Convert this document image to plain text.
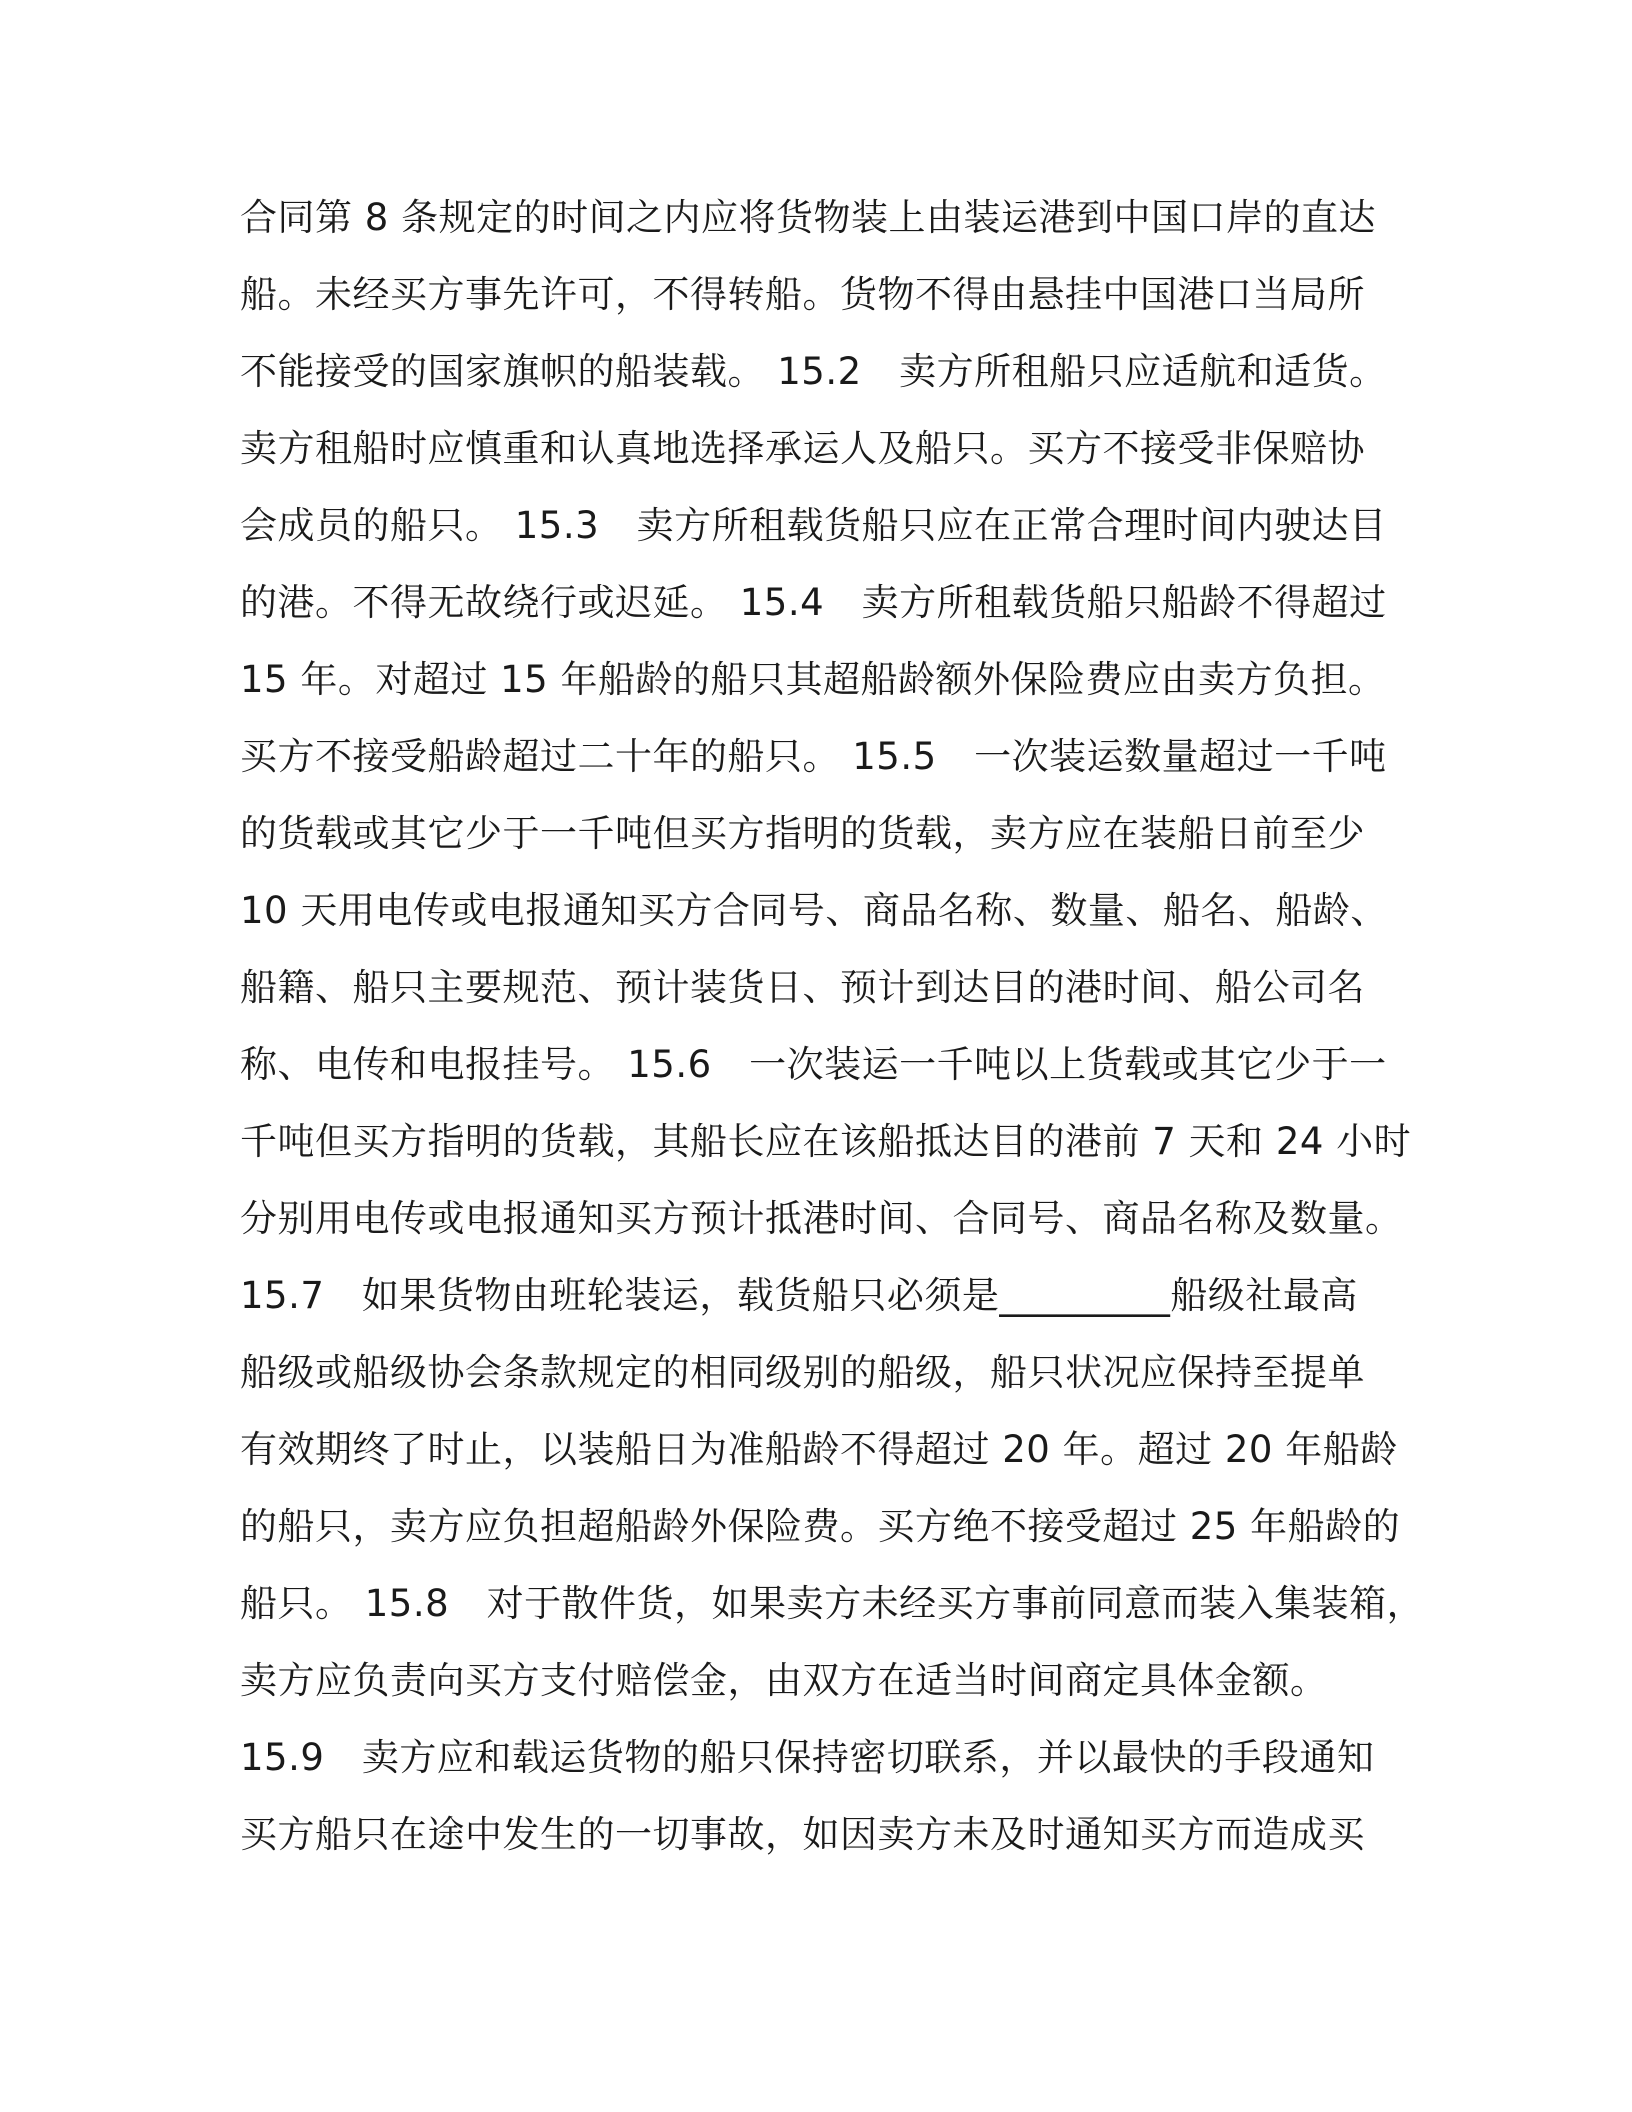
合同第 8 条规定的时间之内应将货物装上由装运港到中国口岸的直达
船。未经买方事先许可，不得转船。货物不得由悬挂中国港口当局所
不能接受的国家旗帜的船装载。 15.2　卖方所租船只应适航和适货。
卖方租船时应慎重和认真地选择承运人及船只。买方不接受非保赔协
会成员的船只。 15.3　卖方所租载货船只应在正常合理时间内驶达目
的港。不得无故绕行或迟延。 15.4　卖方所租载货船只船龄不得超过
15 年。对超过 15 年船龄的船只其超船龄额外保险费应由卖方负担。
买方不接受船龄超过二十年的船只。 15.5　一次装运数量超过一千吨
的货载或其它少于一千吨但买方指明的货载，卖方应在装船日前至少
10 天用电传或电报通知买方合同号、商品名称、数量、船名、船龄、
船籍、船只主要规范、预计装货日、预计到达目的港时间、船公司名
称、电传和电报挂号。 15.6　一次装运一千吨以上货载或其它少于一
千吨但买方指明的货载，其船长应在该船抵达目的港前 7 天和 24 小时
分别用电传或电报通知买方预计抵港时间、合同号、商品名称及数量。
15.7　如果货物由班轮装运，载货船只必须是_________船级社最高
船级或船级协会条款规定的相同级别的船级，船只状况应保持至提单
有效期终了时止，以装船日为准船龄不得超过 20 年。超过 20 年船龄
的船只，卖方应负担超船龄外保险费。买方绝不接受超过 25 年船龄的
船只。 15.8　对于散件货，如果卖方未经买方事前同意而装入集装箱，
卖方应负责向买方支付赔偿金，由双方在适当时间商定具体金额。
15.9　卖方应和载运货物的船只保持密切联系，并以最快的手段通知
买方船只在途中发生的一切事故，如因卖方未及时通知买方而造成买
